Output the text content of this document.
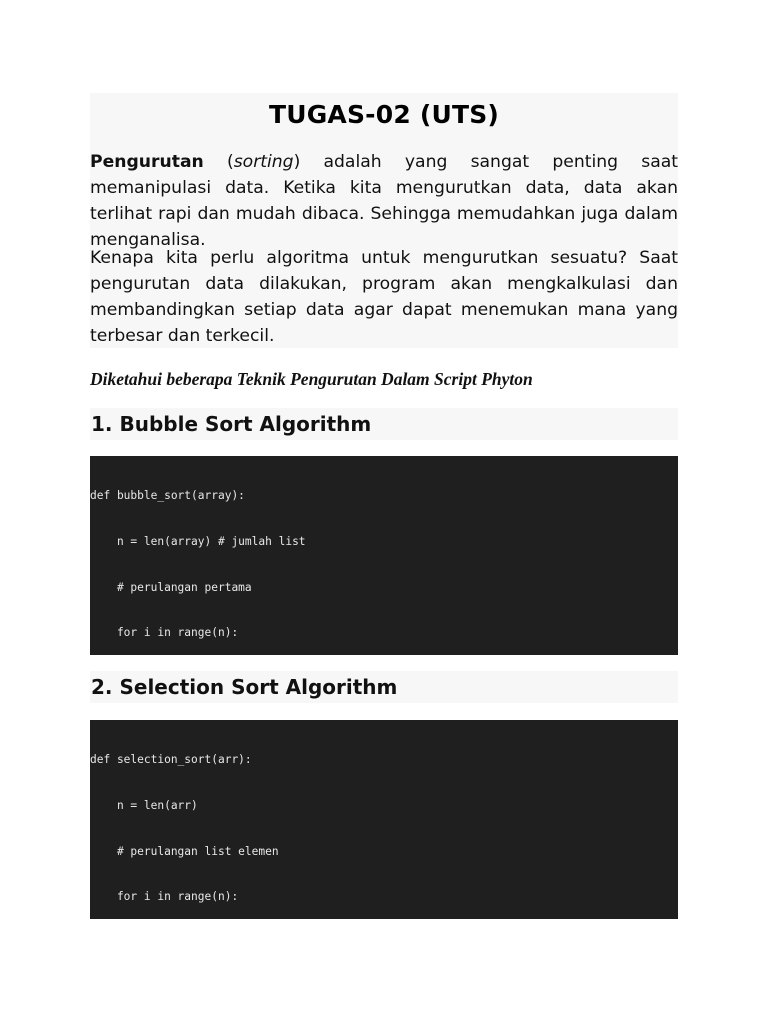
TUGAS-02 (UTS)

Pengurutan (sorting) adalah yang sangat penting saat memanipulasi data. Ketika kita mengurutkan data, data akan terlihat rapi dan mudah dibaca. Sehingga memudahkan juga dalam menganalisa.

Kenapa kita perlu algoritma untuk mengurutkan sesuatu? Saat pengurutan data dilakukan, program akan mengkalkulasi dan membandingkan setiap data agar dapat menemukan mana yang terbesar dan terkecil.

Diketahui beberapa Teknik Pengurutan Dalam Script Phyton

1. Bubble Sort Algorithm

def bubble_sort(array):

n = len(array) # jumlah list

# perulangan pertama

for i in range(n):

2. Selection Sort Algorithm

def selection_sort(arr):

n = len(arr)

# perulangan list elemen

for i in range(n):
